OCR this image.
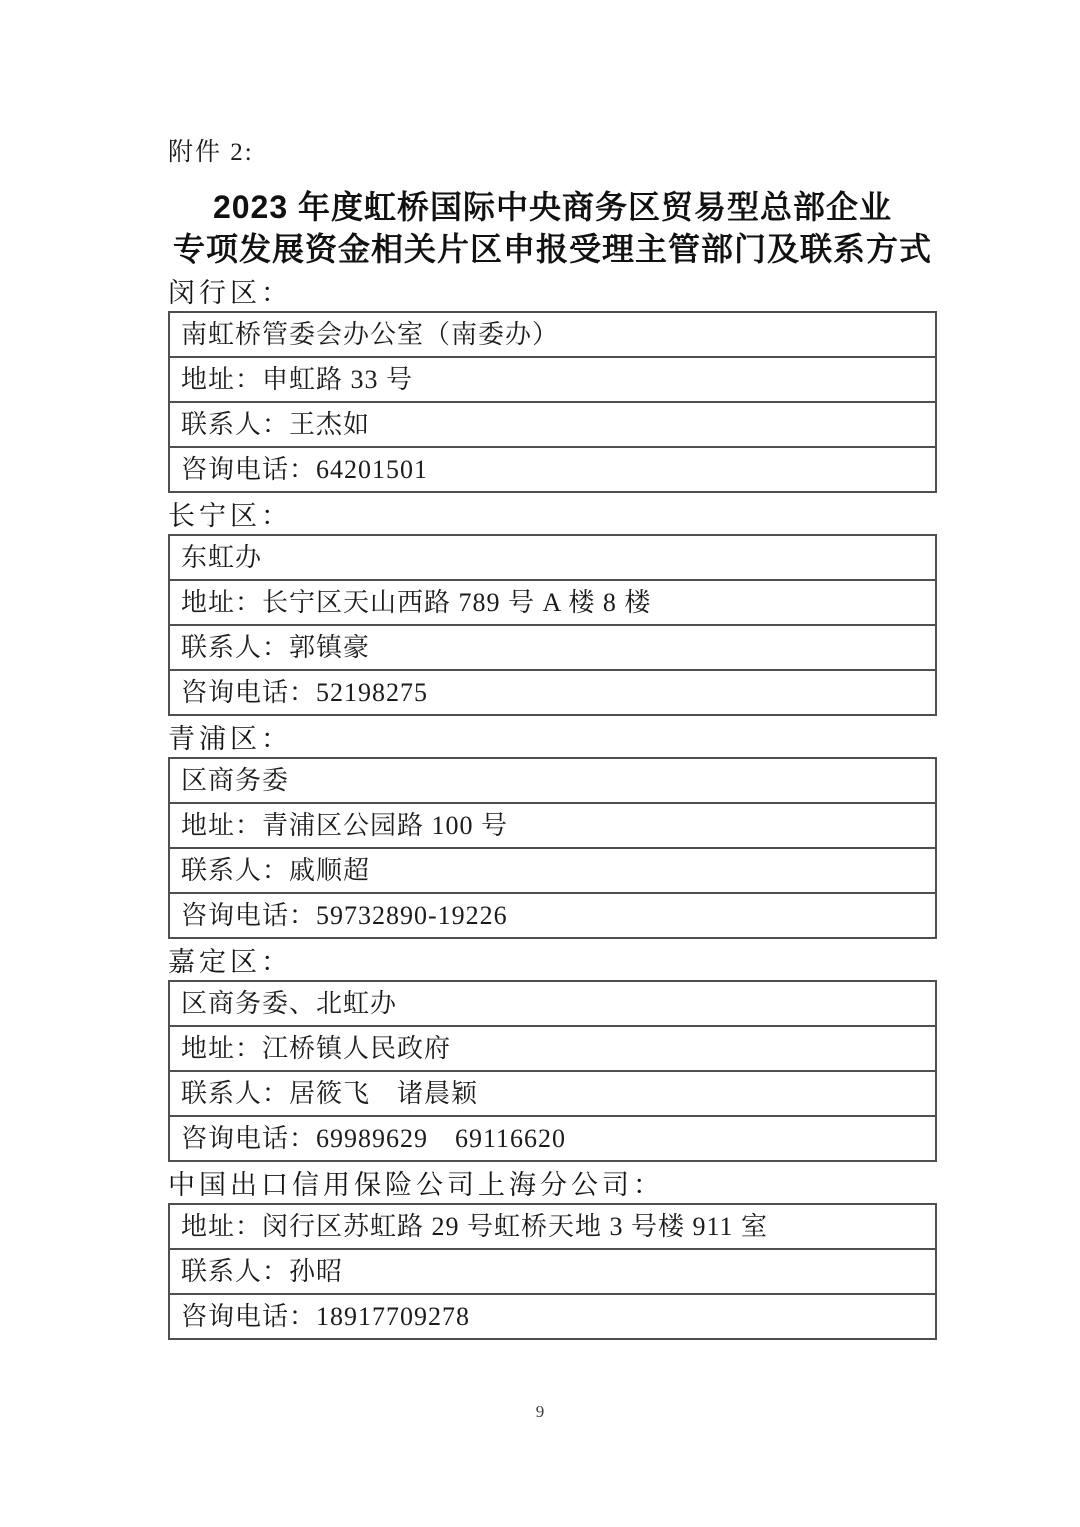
附件 2:
2023 年度虹桥国际中央商务区贸易型总部企业
专项发展资金相关片区申报受理主管部门及联系方式
闵行区：
南虹桥管委会办公室（南委办）
地址：申虹路 33 号
联系人：王杰如
咨询电话：64201501
长宁区：
东虹办
地址：长宁区天山西路 789 号 A 楼 8 楼
联系人：郭镇豪
咨询电话：52198275
青浦区：
区商务委
地址：青浦区公园路 100 号
联系人：戚顺超
咨询电话：59732890-19226
嘉定区：
区商务委、北虹办
地址：江桥镇人民政府
联系人：居筱飞　诸晨颖
咨询电话：69989629　69116620
中国出口信用保险公司上海分公司：
地址：闵行区苏虹路 29 号虹桥天地 3 号楼 911 室
联系人：孙昭
咨询电话：18917709278
9
